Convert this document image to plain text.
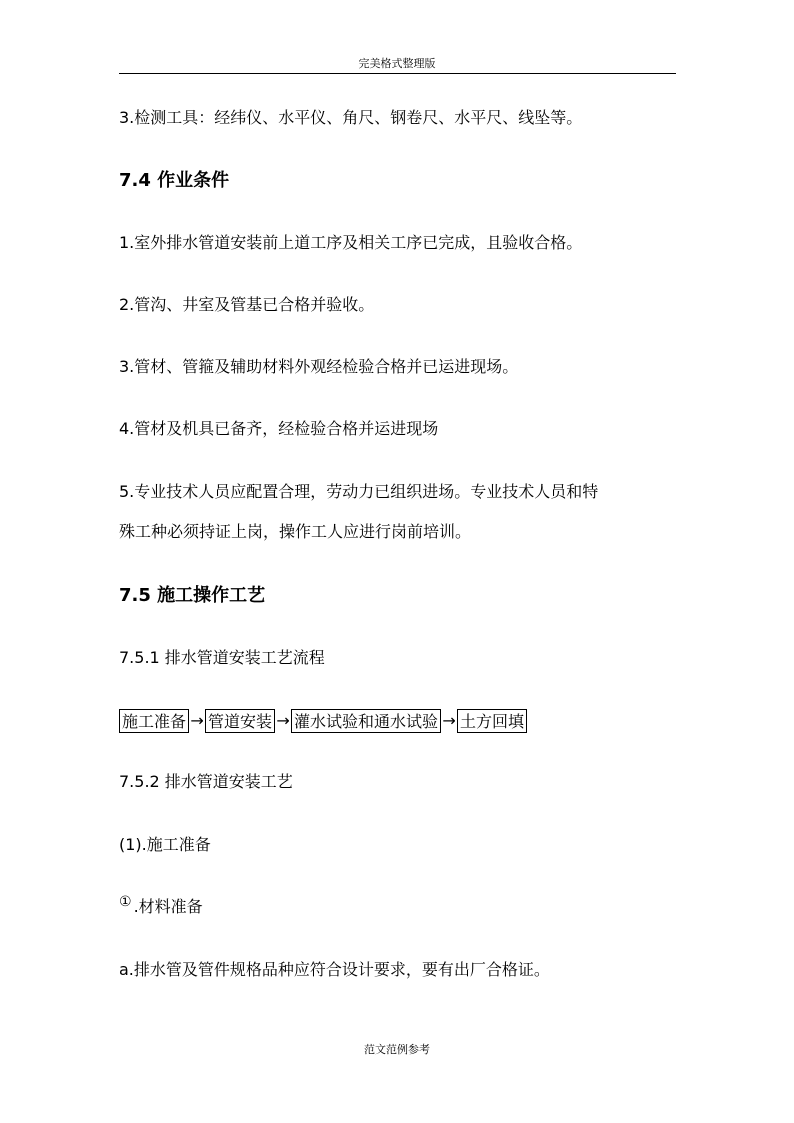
完美格式整理版
3.检测工具：经纬仪、水平仪、角尺、钢卷尺、水平尺、线坠等。
7.4 作业条件
1.室外排水管道安装前上道工序及相关工序已完成，且验收合格。
2.管沟、井室及管基已合格并验收。
3.管材、管箍及辅助材料外观经检验合格并已运进现场。
4.管材及机具已备齐，经检验合格并运进现场
5.专业技术人员应配置合理，劳动力已组织进场。专业技术人员和特
殊工种必须持证上岗，操作工人应进行岗前培训。
7.5 施工操作工艺
7.5.1 排水管道安装工艺流程
施工准备 → 管道安装 → 灌水试验和通水试验 → 土方回填
7.5.2 排水管道安装工艺
(1).施工准备
① .材料准备
a.排水管及管件规格品种应符合设计要求，要有出厂合格证。
范文范例参考
